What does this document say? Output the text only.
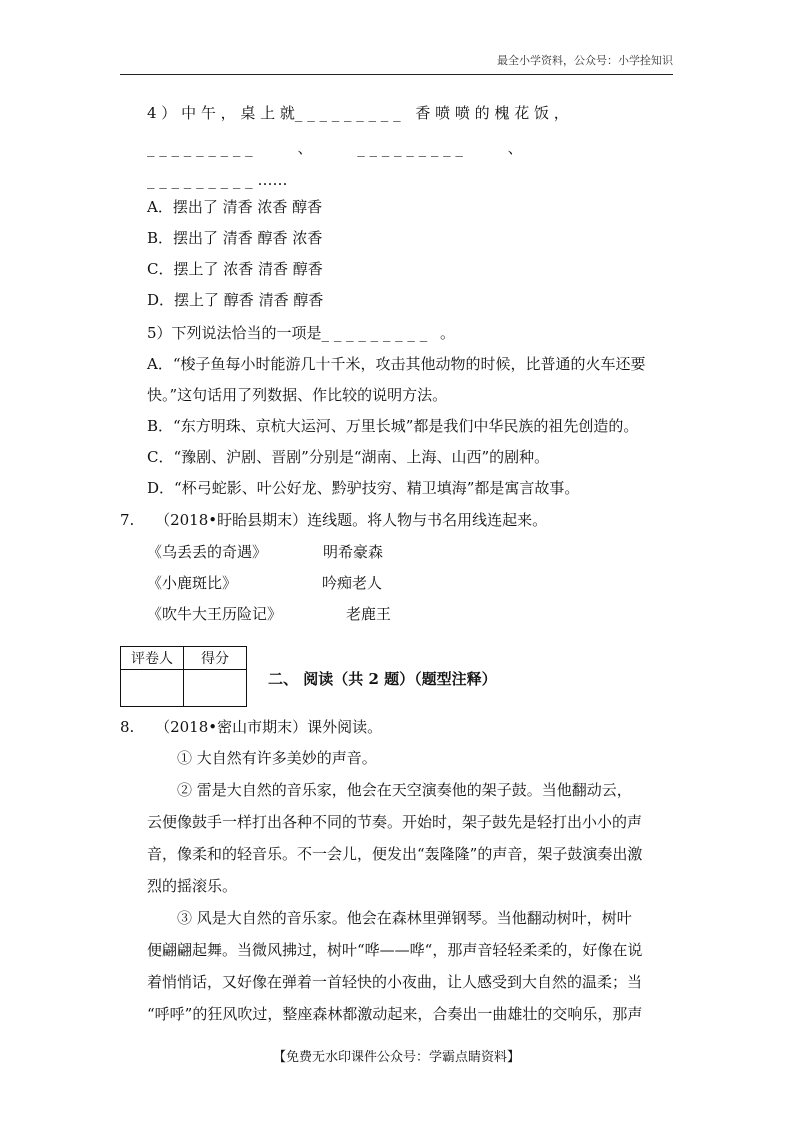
最全小学资料，公众号：小学拴知识
4 ） 中 午 ， 桌 上 就_ _ _ _ _ _ _ _ _ 香 喷 喷 的 槐 花 饭 ，
_ _ _ _ _ _ _ _ _	、	_ _ _ _ _ _ _ _ _	、
_ _ _ _ _ _ _ _ _ ……
A．摆出了 清香 浓香 醇香
B．摆出了 清香 醇香 浓香
C．摆上了 浓香 清香 醇香
D．摆上了 醇香 清香 醇香
5）下列说法恰当的一项是_ _ _ _ _ _ _ _ _ 。
A．“梭子鱼每小时能游几十千米，攻击其他动物的时候，比普通的火车还要
快。”这句话用了列数据、作比较的说明方法。
B．“东方明珠、京杭大运河、万里长城”都是我们中华民族的祖先创造的。
C．“豫剧、沪剧、晋剧”分别是“湖南、上海、山西”的剧种。
D．“杯弓蛇影、叶公好龙、黔驴技穷、精卫填海”都是寓言故事。
7. （2018•盱眙县期末）连线题。将人物与书名用线连起来。
《乌丢丢的奇遇》	明希豪森
《小鹿斑比》	吟痴老人
《吹牛大王历险记》	老鹿王
评卷人	得分

二、 阅读（共 2 题）（题型注释）
8. （2018•密山市期末）课外阅读。
① 大自然有许多美妙的声音。
② 雷是大自然的音乐家，他会在天空演奏他的架子鼓。当他翻动云，
云便像鼓手一样打出各种不同的节奏。开始时，架子鼓先是轻打出小小的声
音，像柔和的轻音乐。不一会儿，便发出“轰隆隆”的声音，架子鼓演奏出激
烈的摇滚乐。
③ 风是大自然的音乐家。他会在森林里弹钢琴。当他翻动树叶，树叶
便翩翩起舞。当微风拂过，树叶“哗——哗“，那声音轻轻柔柔的，好像在说
着悄悄话，又好像在弹着一首轻快的小夜曲，让人感受到大自然的温柔；当
“呼呼”的狂风吹过，整座森林都激动起来，合奏出一曲雄壮的交响乐，那声
【免费无水印课件公众号：学霸点睛资料】
